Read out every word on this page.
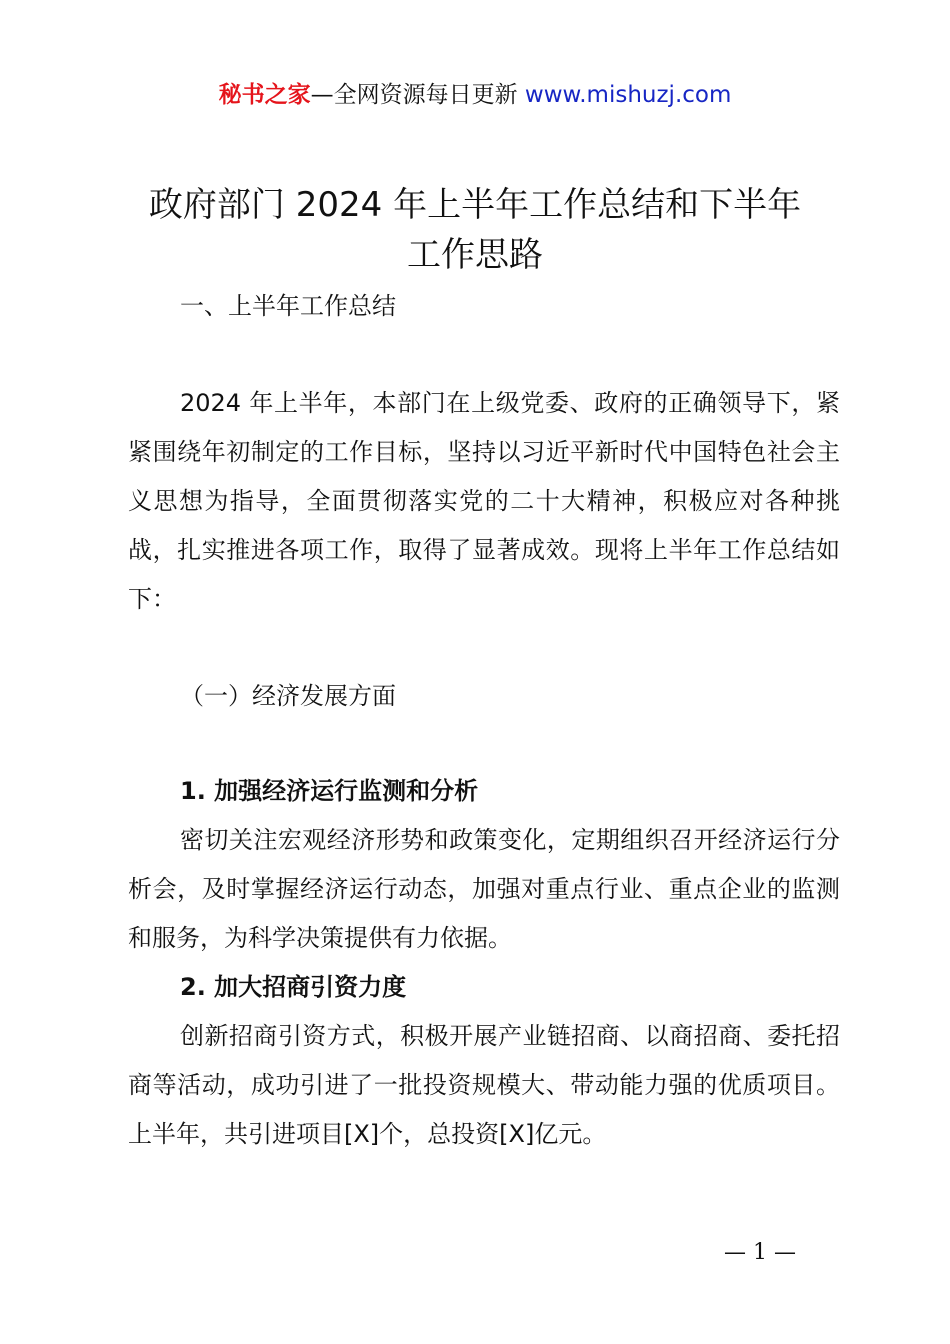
秘书之家—全网资源每日更新 www.mishuzj.com
政府部门 2024 年上半年工作总结和下半年
工作思路

一、上半年工作总结

2024 年上半年，本部门在上级党委、政府的正确领导下，紧紧围绕年初制定的工作目标，坚持以习近平新时代中国特色社会主义思想为指导，全面贯彻落实党的二十大精神，积极应对各种挑战，扎实推进各项工作，取得了显著成效。现将上半年工作总结如下：

（一）经济发展方面

1. 加强经济运行监测和分析

密切关注宏观经济形势和政策变化，定期组织召开经济运行分析会，及时掌握经济运行动态，加强对重点行业、重点企业的监测和服务，为科学决策提供有力依据。

2. 加大招商引资力度

创新招商引资方式，积极开展产业链招商、以商招商、委托招商等活动，成功引进了一批投资规模大、带动能力强的优质项目。上半年，共引进项目[X]个，总投资[X]亿元。

— 1 —
